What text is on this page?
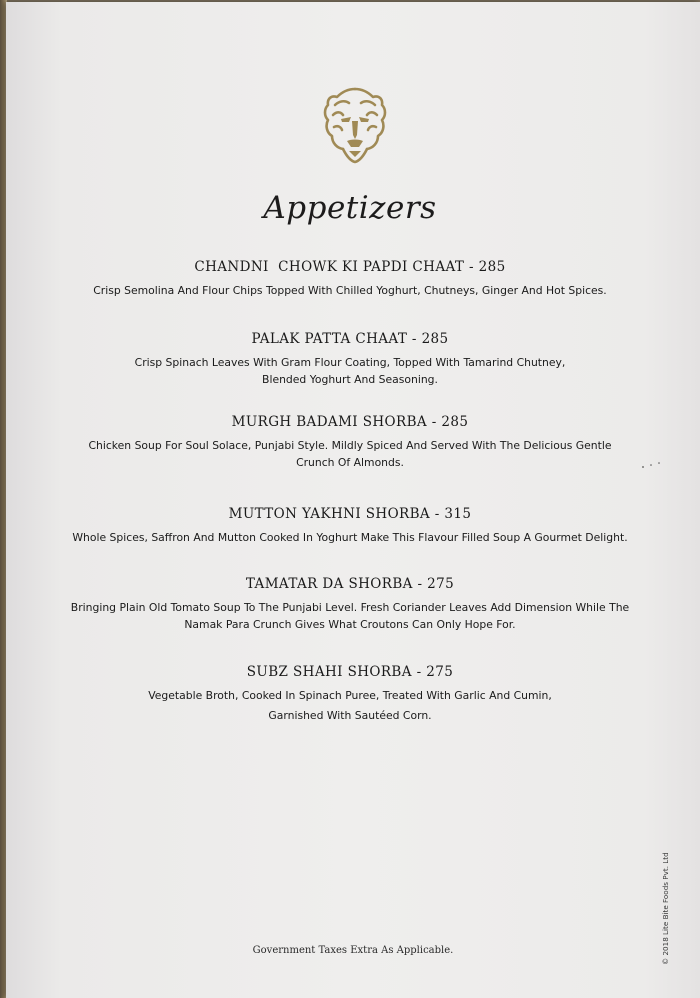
Appetizers
CHANDNI  CHOWK KI PAPDI CHAAT - 285
Crisp Semolina And Flour Chips Topped With Chilled Yoghurt, Chutneys, Ginger And Hot Spices.
PALAK PATTA CHAAT - 285
Crisp Spinach Leaves With Gram Flour Coating, Topped With Tamarind Chutney,
Blended Yoghurt And Seasoning.
MURGH BADAMI SHORBA - 285
Chicken Soup For Soul Solace, Punjabi Style. Mildly Spiced And Served With The Delicious Gentle
Crunch Of Almonds.
MUTTON YAKHNI SHORBA - 315
Whole Spices, Saffron And Mutton Cooked In Yoghurt Make This Flavour Filled Soup A Gourmet Delight.
TAMATAR DA SHORBA - 275
Bringing Plain Old Tomato Soup To The Punjabi Level. Fresh Coriander Leaves Add Dimension While The
Namak Para Crunch Gives What Croutons Can Only Hope For.
SUBZ SHAHI SHORBA - 275
Vegetable Broth, Cooked In Spinach Puree, Treated With Garlic And Cumin,
Garnished With Sautéed Corn.
Government Taxes Extra As Applicable.	© 2018 Lite Bite Foods Pvt. Ltd
